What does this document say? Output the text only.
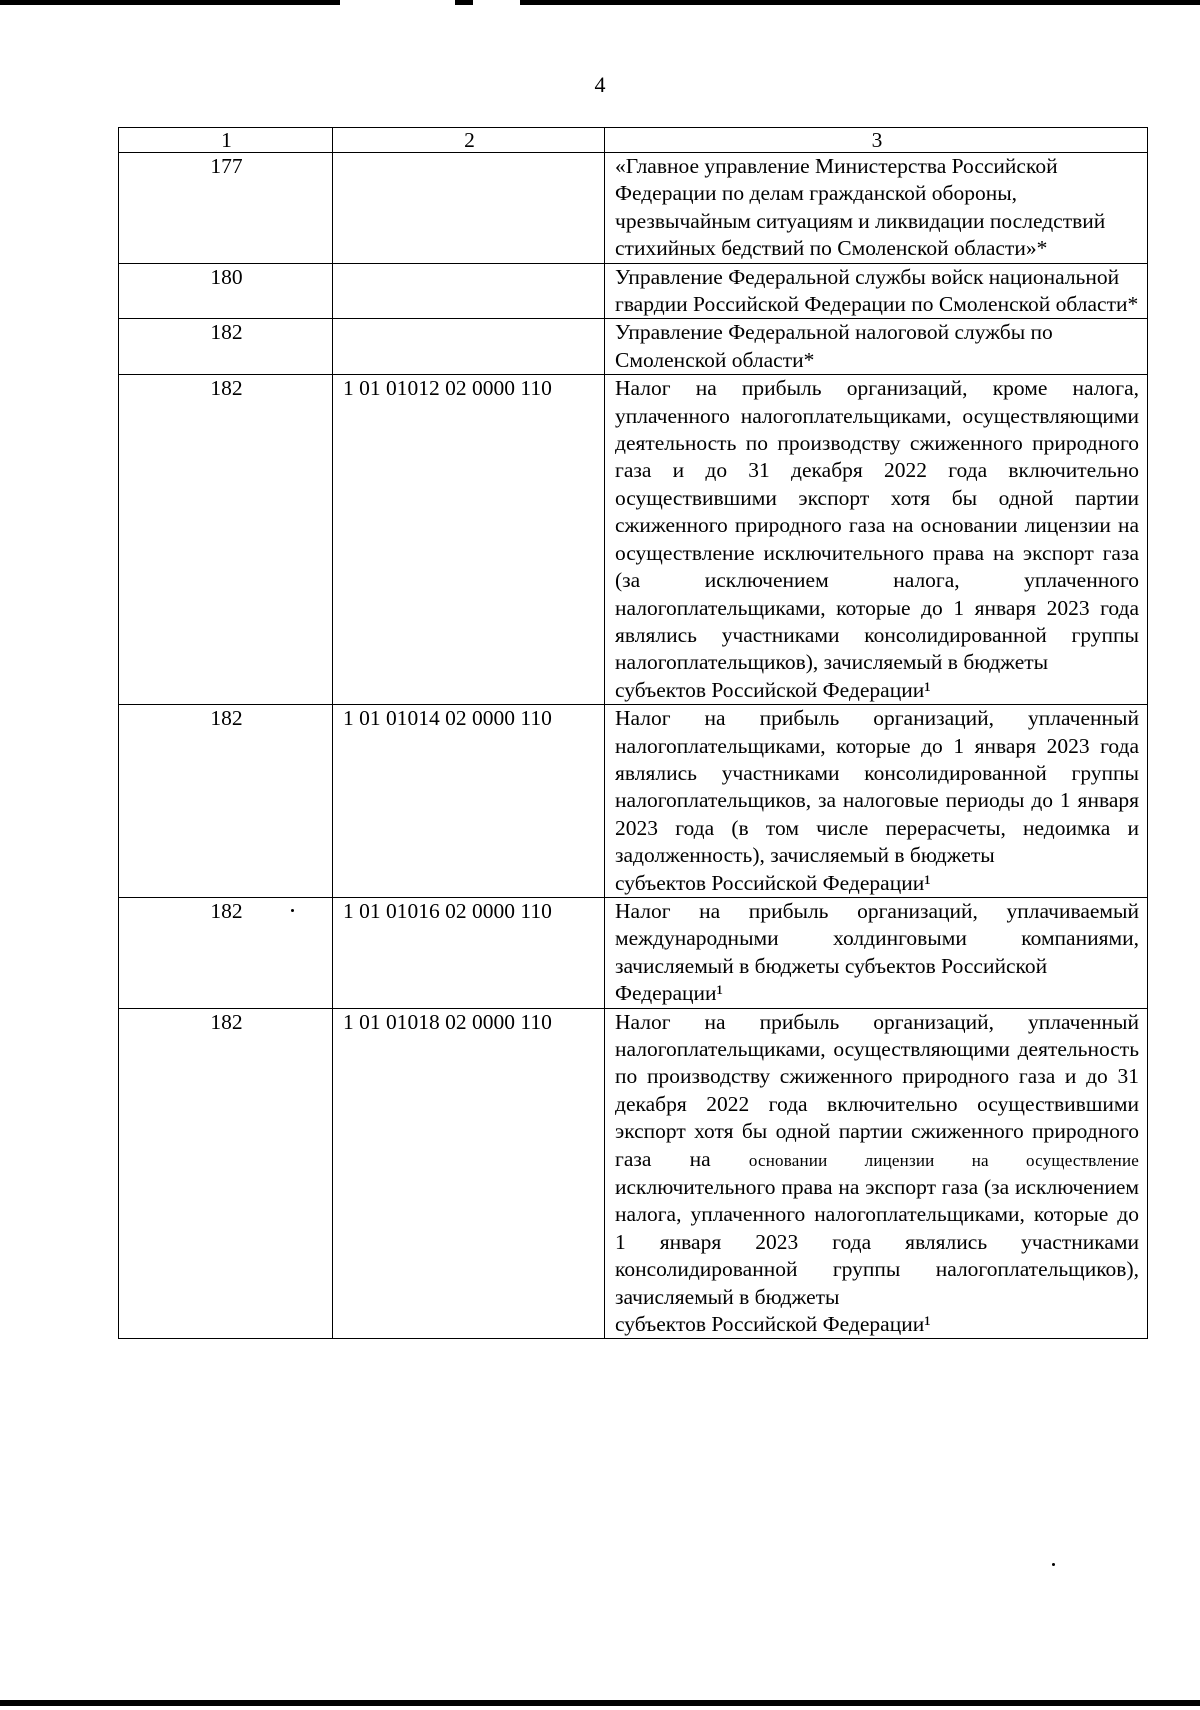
4
1	2	3
177		«Главное управление Министерства Российской Федерации по делам гражданской обороны, чрезвычайным ситуациям и ликвидации последствий стихийных бедствий по Смоленской области»*
180		Управление Федеральной службы войск национальной гвардии Российской Федерации по Смоленской области*
182		Управление Федеральной налоговой службы по Смоленской области*
182	1 01 01012 02 0000 110	Налог на прибыль организаций, кроме налога, уплаченного налогоплательщиками, осуществляющими деятельность по производству сжиженного природного газа и до 31 декабря 2022 года включительно осуществившими экспорт хотя бы одной партии сжиженного природного газа на основании лицензии на осуществление исключительного права на экспорт газа (за исключением налога, уплаченного налогоплательщиками, которые до 1 января 2023 года являлись участниками консолидированной группы налогоплательщиков), зачисляемый в бюджеты
субъектов Российской Федерации¹

182	1 01 01014 02 0000 110	Налог на прибыль организаций, уплаченный налогоплательщиками, которые до 1 января 2023 года являлись участниками консолидированной группы налогоплательщиков, за налоговые периоды до 1 января 2023 года (в том числе перерасчеты, недоимка и задолженность), зачисляемый в бюджеты
субъектов Российской Федерации¹

182	1 01 01016 02 0000 110	Налог на прибыль организаций, уплачиваемый международными холдинговыми компаниями, зачисляемый в бюджеты субъектов Российской
Федерации¹

182	1 01 01018 02 0000 110	Налог на прибыль организаций, уплаченный налогоплательщиками, осуществляющими деятельность по производству сжиженного природного газа и до 31 декабря 2022 года включительно осуществившими экспорт хотя бы одной партии сжиженного природного газа на основании лицензии на осуществление исключительного права на экспорт газа (за исключением налога, уплаченного налогоплательщиками, которые до 1 января 2023 года являлись участниками консолидированной группы налогоплательщиков), зачисляемый в бюджеты
субъектов Российской Федерации¹
